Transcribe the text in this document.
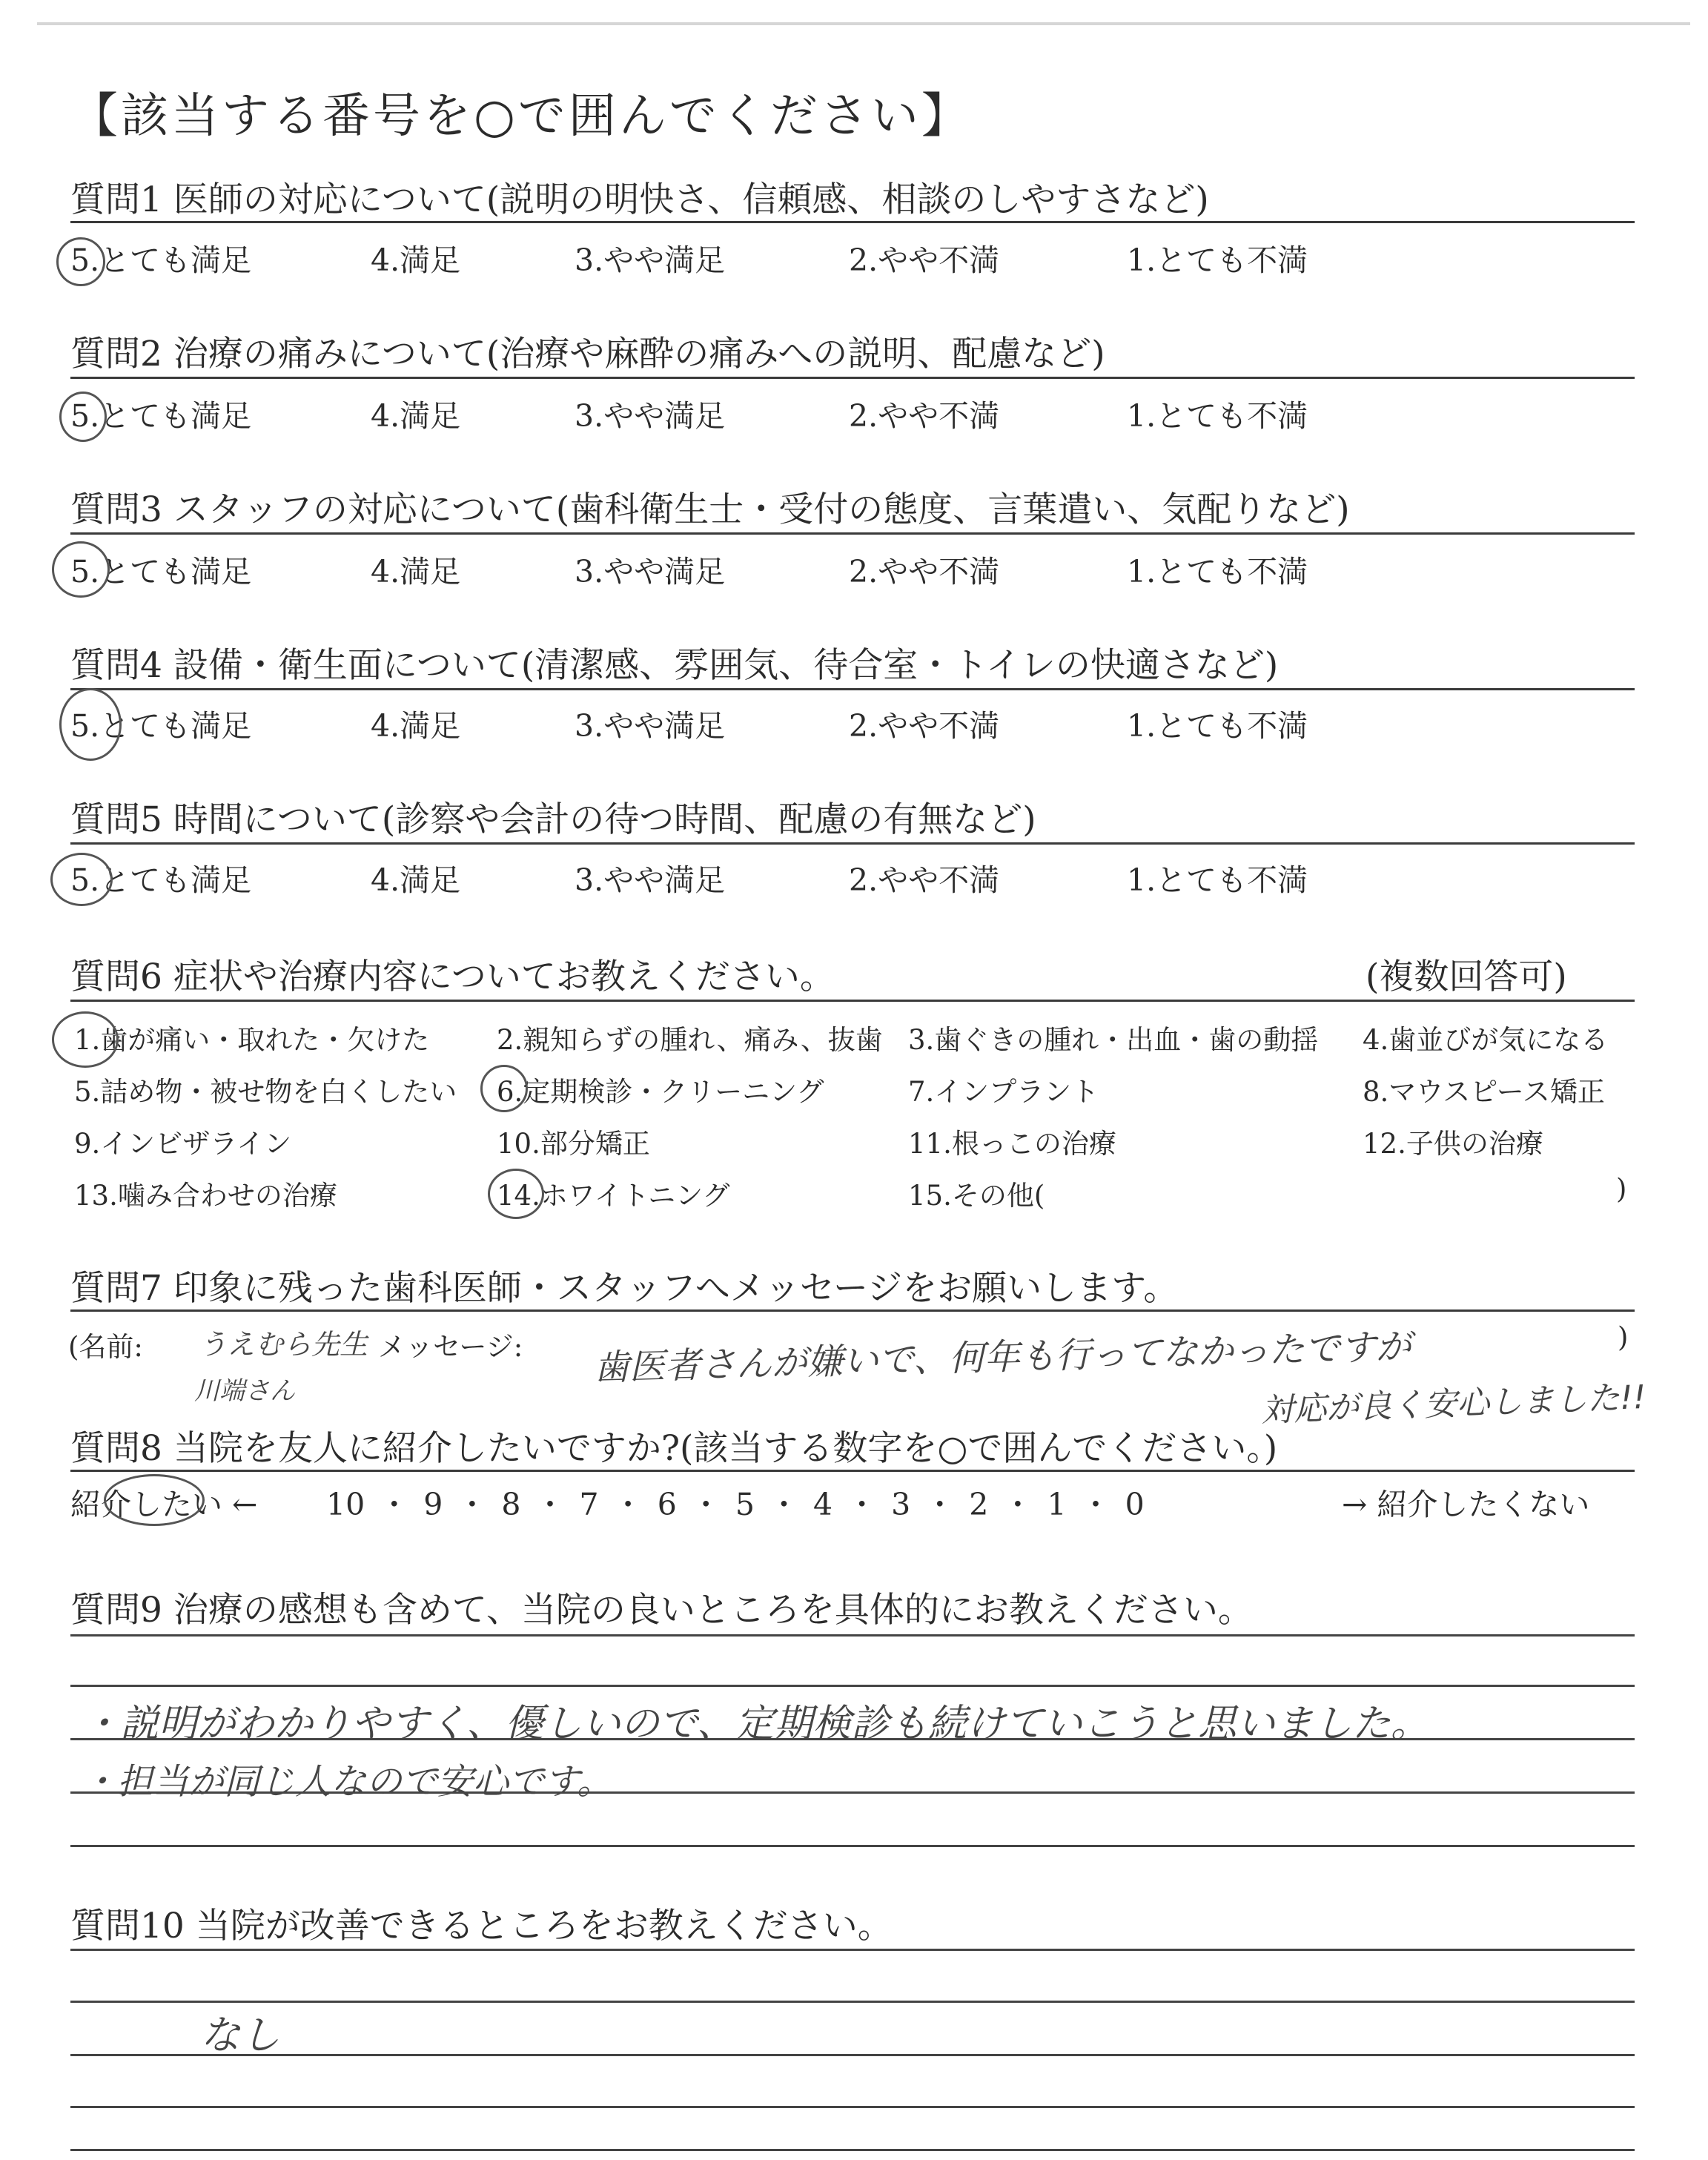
【該当する番号を○で囲んでください】
質問1 医師の対応について(説明の明快さ、信頼感、相談のしやすさなど)
5.とても満足	4.満足	3.やや満足	2.やや不満	1.とても不満
質問2 治療の痛みについて(治療や麻酔の痛みへの説明、配慮など)
5.とても満足	4.満足	3.やや満足	2.やや不満	1.とても不満
質問3 スタッフの対応について(歯科衛生士・受付の態度、言葉遣い、気配りなど)
5.とても満足	4.満足	3.やや満足	2.やや不満	1.とても不満
質問4 設備・衛生面について(清潔感、雰囲気、待合室・トイレの快適さなど)
5.とても満足	4.満足	3.やや満足	2.やや不満	1.とても不満
質問5 時間について(診察や会計の待つ時間、配慮の有無など)
5.とても満足	4.満足	3.やや満足	2.やや不満	1.とても不満
質問6 症状や治療内容についてお教えください。	(複数回答可)
1.歯が痛い・取れた・欠けた 2.親知らずの腫れ、痛み、抜歯 3.歯ぐきの腫れ・出血・歯の動揺 4.歯並びが気になる
5.詰め物・被せ物を白くしたい 6.定期検診・クリーニング	7.インプラント	8.マウスピース矯正
9.インビザライン	10.部分矯正	11.根っこの治療	12.子供の治療
13.噛み合わせの治療	14.ホワイトニング	15.その他(	)
質問7 印象に残った歯科医師・スタッフへメッセージをお願いします。
(名前: うえむら先生 メッセージ:
川端さん
歯医者さんが嫌いで、何年も行ってなかったですが
対応が良く安心しました!!
)
質問8 当院を友人に紹介したいですか?(該当する数字を○で囲んでください。)
紹介したい ← 10 ・ 9 ・ 8 ・ 7 ・ 6 ・ 5 ・ 4 ・ 3 ・ 2 ・ 1 ・ 0	→ 紹介したくない
質問9 治療の感想も含めて、当院の良いところを具体的にお教えください。
・説明がわかりやすく、優しいので、定期検診も続けていこうと思いました。
・担当が同じ人なので安心です。
質問10 当院が改善できるところをお教えください。
なし
